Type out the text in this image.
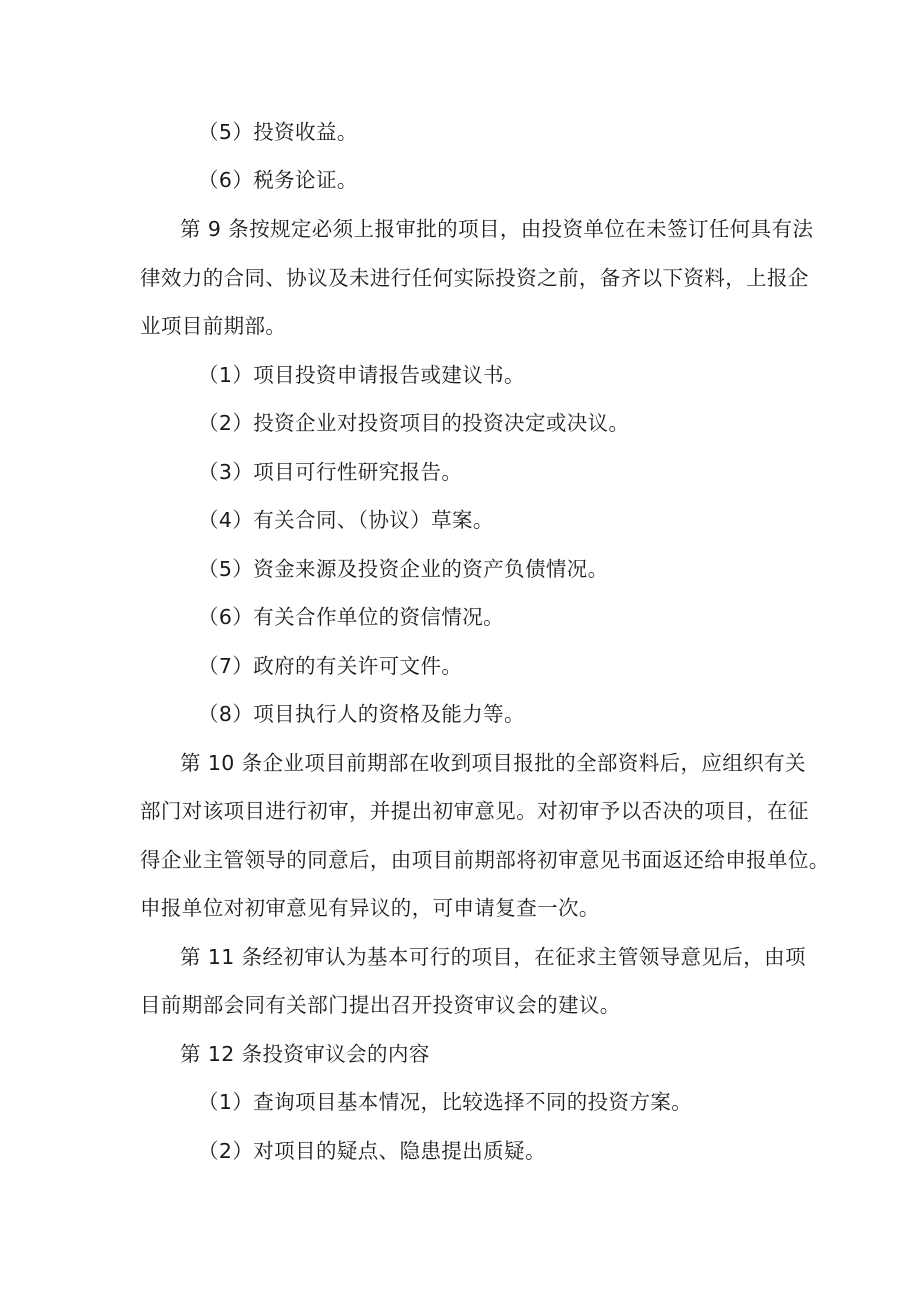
（5）投资收益。
（6）税务论证。
第 9 条按规定必须上报审批的项目，由投资单位在未签订任何具有法
律效力的合同、协议及未进行任何实际投资之前，备齐以下资料，上报企
业项目前期部。
（1）项目投资申请报告或建议书。
（2）投资企业对投资项目的投资决定或决议。
（3）项目可行性研究报告。
（4）有关合同、（协议）草案。
（5）资金来源及投资企业的资产负债情况。
（6）有关合作单位的资信情况。
（7）政府的有关许可文件。
（8）项目执行人的资格及能力等。
第 10 条企业项目前期部在收到项目报批的全部资料后，应组织有关
部门对该项目进行初审，并提出初审意见。对初审予以否决的项目，在征
得企业主管领导的同意后，由项目前期部将初审意见书面返还给申报单位。
申报单位对初审意见有异议的，可申请复查一次。
第 11 条经初审认为基本可行的项目，在征求主管领导意见后，由项
目前期部会同有关部门提出召开投资审议会的建议。
第 12 条投资审议会的内容
（1）查询项目基本情况，比较选择不同的投资方案。
（2）对项目的疑点、隐患提出质疑。
